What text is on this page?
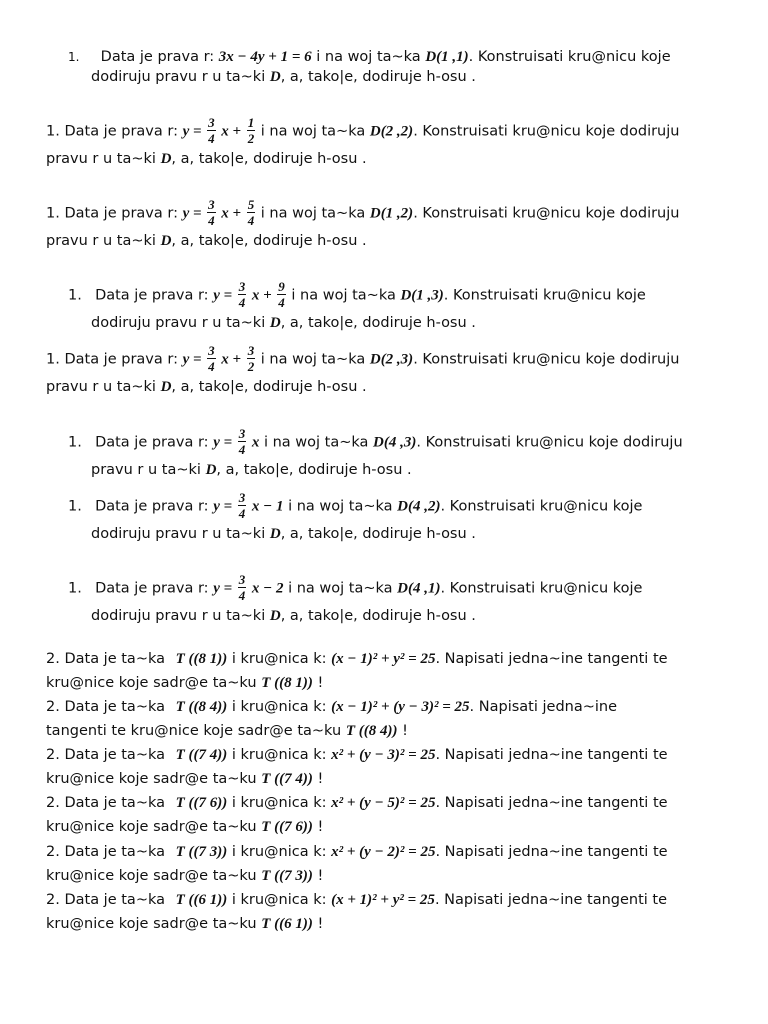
1. Data je prava r: 3x − 4y + 1 = 6 i na woj ta~ka D(1 ,1). Konstruisati kru@nicu koje
dodiruju pravu r u ta~ki D, a, tako|e, dodiruje h-osu .
1. Data je prava r: $y = \frac{3}{4}$ $x + \frac{1}{2}$ i na woj ta~ka D(2 ,2). Konstruisati kru@nicu koje dodiruju
pravu r u ta~ki D, a, tako|e, dodiruje h-osu .
1. Data je prava r: $y = \frac{3}{4}$ $x + \frac{5}{4}$ i na woj ta~ka D(1 ,2). Konstruisati kru@nicu koje dodiruju
pravu r u ta~ki D, a, tako|e, dodiruje h-osu .
1. Data je prava r: $y = \frac{3}{4}$ $x + \frac{9}{4}$ i na woj ta~ka D(1 ,3). Konstruisati kru@nicu koje
dodiruju pravu r u ta~ki D, a, tako|e, dodiruje h-osu .
1. Data je prava r: $y = \frac{3}{4}$ $x + \frac{3}{2}$ i na woj ta~ka D(2 ,3). Konstruisati kru@nicu koje dodiruju
pravu r u ta~ki D, a, tako|e, dodiruje h-osu .
1. Data je prava r: $y = \frac{3}{4}$ x i na woj ta~ka D(4 ,3). Konstruisati kru@nicu koje dodiruju
pravu r u ta~ki D, a, tako|e, dodiruje h-osu .
1. Data je prava r: $y = \frac{3}{4}$ x − 1 i na woj ta~ka D(4 ,2). Konstruisati kru@nicu koje
dodiruju pravu r u ta~ki D, a, tako|e, dodiruje h-osu .
1. Data je prava r: $y = \frac{3}{4}$ x − 2 i na woj ta~ka D(4 ,1). Konstruisati kru@nicu koje
dodiruju pravu r u ta~ki D, a, tako|e, dodiruje h-osu .
2. Data je ta~ka T ((8 1)) i kru@nica k: (x − 1)² + y² = 25. Napisati jedna~ine tangenti te
kru@nice koje sadr@e ta~ku T ((8 1)) !
2. Data je ta~ka T ((8 4)) i kru@nica k: (x − 1)² + (y − 3)² = 25. Napisati jedna~ine
tangenti te kru@nice koje sadr@e ta~ku T ((8 4)) !
2. Data je ta~ka T ((7 4)) i kru@nica k: x² + (y − 3)² = 25. Napisati jedna~ine tangenti te
kru@nice koje sadr@e ta~ku T ((7 4)) !
2. Data je ta~ka T ((7 6)) i kru@nica k: x² + (y − 5)² = 25. Napisati jedna~ine tangenti te
kru@nice koje sadr@e ta~ku T ((7 6)) !
2. Data je ta~ka T ((7 3)) i kru@nica k: x² + (y − 2)² = 25. Napisati jedna~ine tangenti te
kru@nice koje sadr@e ta~ku T ((7 3)) !
2. Data je ta~ka T ((6 1)) i kru@nica k: (x + 1)² + y² = 25. Napisati jedna~ine tangenti te
kru@nice koje sadr@e ta~ku T ((6 1)) !
